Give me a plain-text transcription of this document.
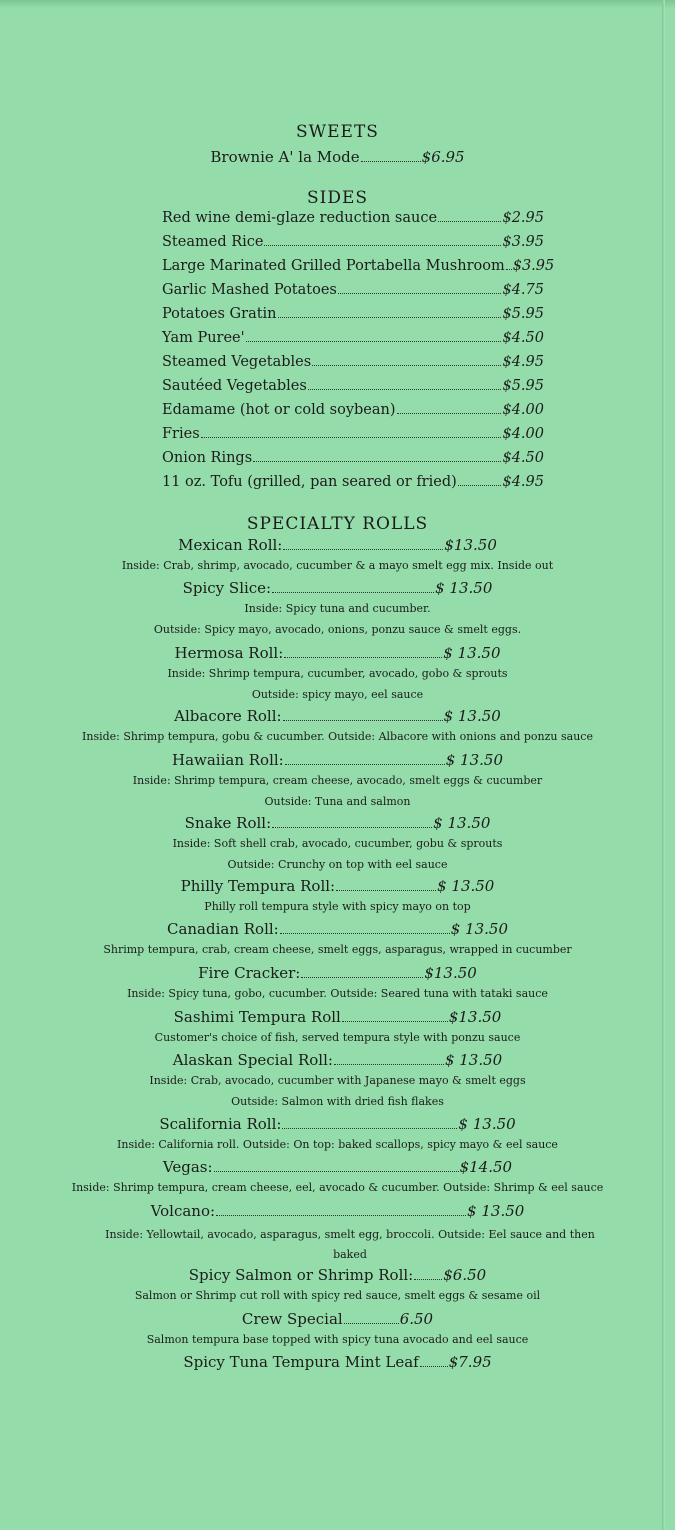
SWEETS
Brownie A' la Mode	$6.95
SIDES
Red wine demi-glaze reduction sauce	$2.95
Steamed Rice	$3.95
Large Marinated Grilled Portabella Mushroom $3.95
Garlic Mashed Potatoes	$4.75
Potatoes Gratin	$5.95
Yam Puree'	$4.50
Steamed Vegetables	$4.95
Sautéed Vegetables	$5.95
Edamame (hot or cold soybean)	$4.00
Fries	$4.00
Onion Rings	$4.50
11 oz. Tofu (grilled, pan seared or fried)	$4.95
SPECIALTY ROLLS
Mexican Roll:	$13.50
Inside: Crab, shrimp, avocado, cucumber & a mayo smelt egg mix. Inside out
Spicy Slice:	$ 13.50
Inside: Spicy tuna and cucumber.
Outside: Spicy mayo, avocado, onions, ponzu sauce & smelt eggs.
Hermosa Roll:	$ 13.50
Inside: Shrimp tempura, cucumber, avocado, gobo & sprouts
Outside: spicy mayo, eel sauce
Albacore Roll:	$ 13.50
Inside: Shrimp tempura, gobu & cucumber. Outside: Albacore with onions and ponzu sauce
Hawaiian Roll:	$ 13.50
Inside: Shrimp tempura, cream cheese, avocado, smelt eggs & cucumber
Outside: Tuna and salmon
Snake Roll:	$ 13.50
Inside: Soft shell crab, avocado, cucumber, gobu & sprouts
Outside: Crunchy on top with eel sauce
Philly Tempura Roll:	$ 13.50
Philly roll tempura style with spicy mayo on top
Canadian Roll:	$ 13.50
Shrimp tempura, crab, cream cheese, smelt eggs, asparagus, wrapped in cucumber
Fire Cracker:	$13.50
Inside: Spicy tuna, gobo, cucumber. Outside: Seared tuna with tataki sauce
Sashimi Tempura Roll	$13.50
Customer's choice of fish, served tempura style with ponzu sauce
Alaskan Special Roll:	$ 13.50
Inside: Crab, avocado, cucumber with Japanese mayo & smelt eggs
Outside: Salmon with dried fish flakes
Scalifornia Roll:	$ 13.50
Inside: California roll. Outside: On top: baked scallops, spicy mayo & eel sauce
Vegas:	$14.50
Inside: Shrimp tempura, cream cheese, eel, avocado & cucumber. Outside: Shrimp & eel sauce
Volcano:	$ 13.50
Inside: Yellowtail, avocado, asparagus, smelt egg, broccoli. Outside: Eel sauce and then baked
Spicy Salmon or Shrimp Roll: $6.50
Salmon or Shrimp cut roll with spicy red sauce, smelt eggs & sesame oil
Crew Special	6.50
Salmon tempura base topped with spicy tuna avocado and eel sauce
Spicy Tuna Tempura Mint Leaf $7.95
